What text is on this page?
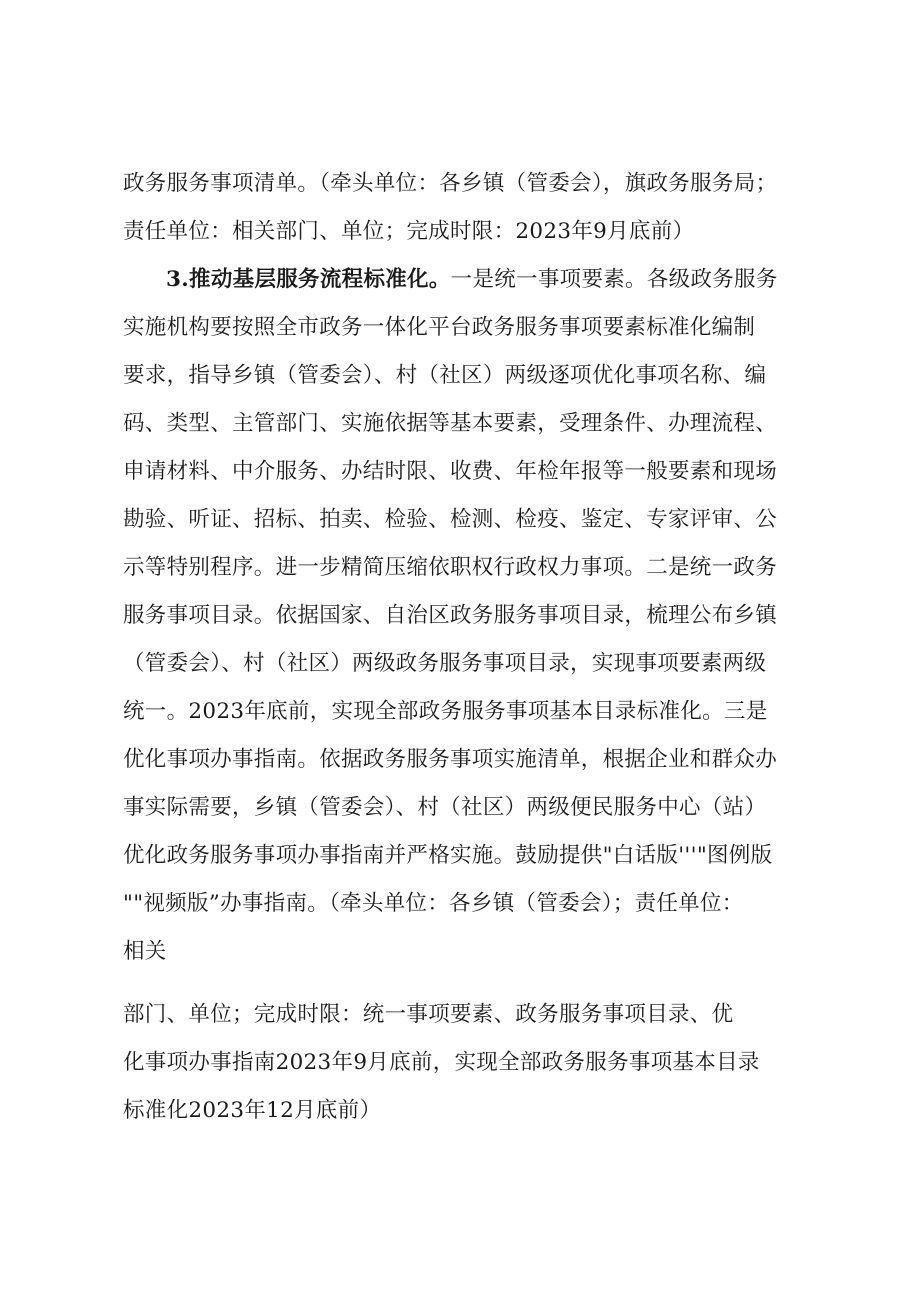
政务服务事项清单。（牵头单位：各乡镇（管委会），旗政务服务局；
责任单位：相关部门、单位；完成时限：2023年9月底前）
3.推动基层服务流程标准化。一是统一事项要素。各级政务服务
实施机构要按照全市政务一体化平台政务服务事项要素标准化编制
要求，指导乡镇（管委会）、村（社区）两级逐项优化事项名称、编
码、类型、主管部门、实施依据等基本要素，受理条件、办理流程、
申请材料、中介服务、办结时限、收费、年检年报等一般要素和现场
勘验、听证、招标、拍卖、检验、检测、检疫、鉴定、专家评审、公
示等特别程序。进一步精简压缩依职权行政权力事项。二是统一政务
服务事项目录。依据国家、自治区政务服务事项目录，梳理公布乡镇
（管委会）、村（社区）两级政务服务事项目录，实现事项要素两级
统一。2023年底前，实现全部政务服务事项基本目录标准化。三是
优化事项办事指南。依据政务服务事项实施清单，根据企业和群众办
事实际需要，乡镇（管委会）、村（社区）两级便民服务中心（站）
优化政务服务事项办事指南并严格实施。鼓励提供"白话版'''"图例版
""视频版”办事指南。（牵头单位：各乡镇（管委会）；责任单位：
相关
部门、单位；完成时限：统一事项要素、政务服务事项目录、优
化事项办事指南2023年9月底前，实现全部政务服务事项基本目录
标准化2023年12月底前）
